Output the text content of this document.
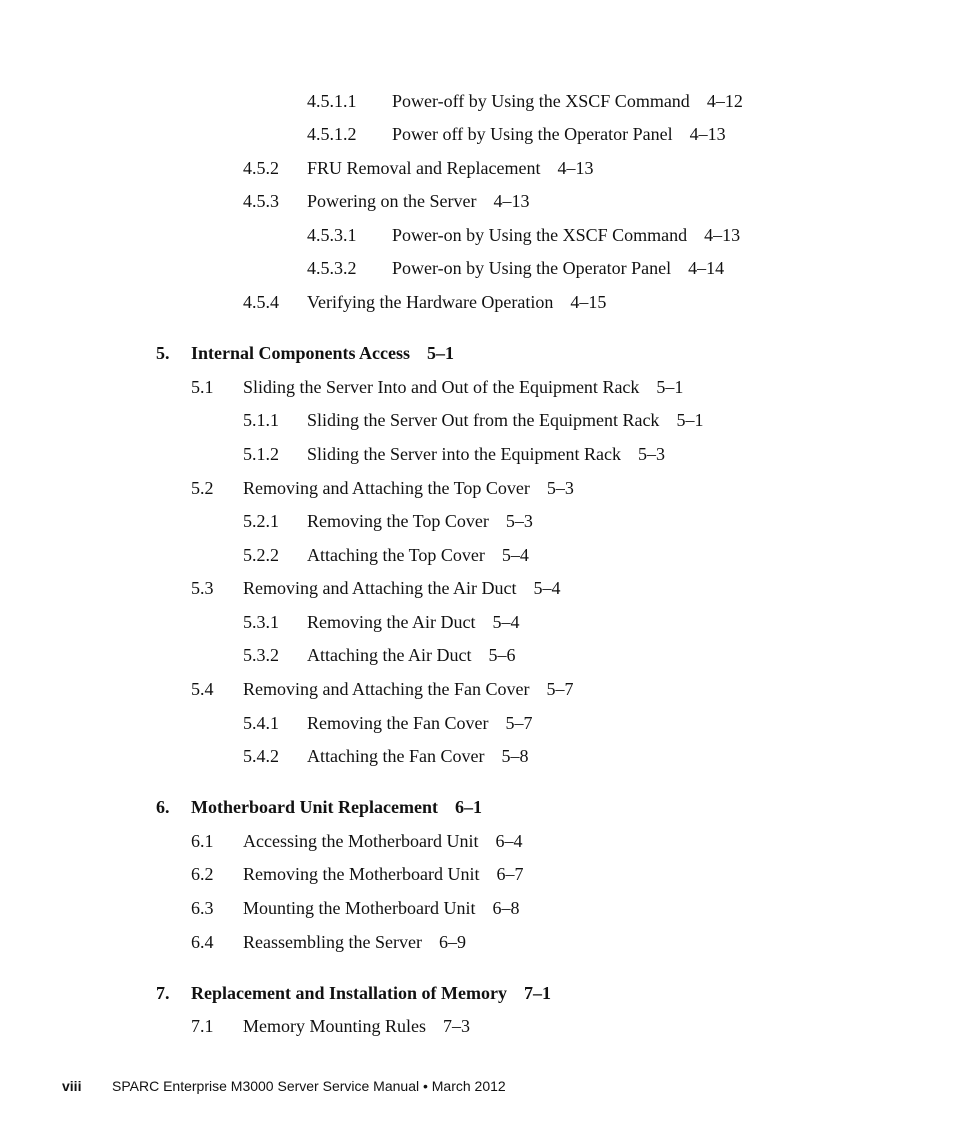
4.5.1.1 Power-off by Using the XSCF Command 4–12
4.5.1.2 Power off by Using the Operator Panel 4–13
4.5.2 FRU Removal and Replacement 4–13
4.5.3 Powering on the Server 4–13
4.5.3.1 Power-on by Using the XSCF Command 4–13
4.5.3.2 Power-on by Using the Operator Panel 4–14
4.5.4 Verifying the Hardware Operation 4–15
5. Internal Components Access 5–1
5.1 Sliding the Server Into and Out of the Equipment Rack 5–1
5.1.1 Sliding the Server Out from the Equipment Rack 5–1
5.1.2 Sliding the Server into the Equipment Rack 5–3
5.2 Removing and Attaching the Top Cover 5–3
5.2.1 Removing the Top Cover 5–3
5.2.2 Attaching the Top Cover 5–4
5.3 Removing and Attaching the Air Duct 5–4
5.3.1 Removing the Air Duct 5–4
5.3.2 Attaching the Air Duct 5–6
5.4 Removing and Attaching the Fan Cover 5–7
5.4.1 Removing the Fan Cover 5–7
5.4.2 Attaching the Fan Cover 5–8
6. Motherboard Unit Replacement 6–1
6.1 Accessing the Motherboard Unit 6–4
6.2 Removing the Motherboard Unit 6–7
6.3 Mounting the Motherboard Unit 6–8
6.4 Reassembling the Server 6–9
7. Replacement and Installation of Memory 7–1
7.1 Memory Mounting Rules 7–3
viii SPARC Enterprise M3000 Server Service Manual • March 2012
